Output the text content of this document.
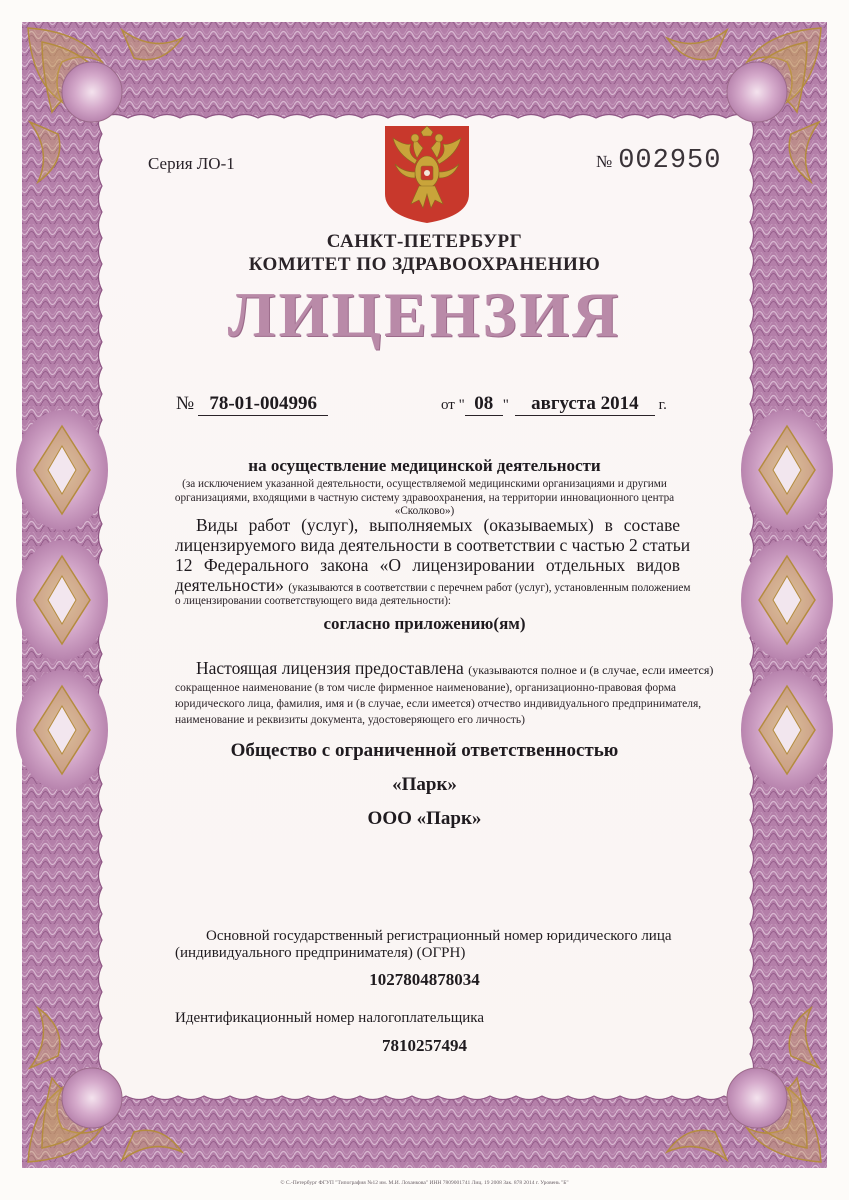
Серия ЛО-1	№ 002950
САНКТ-ПЕТЕРБУРГ
КОМИТЕТ ПО ЗДРАВООХРАНЕНИЮ
ЛИЦЕНЗИЯ
№ 78-01-004996	от " 08 " августа 2014 г.
на осуществление медицинской деятельности
(за исключением указанной деятельности, осуществляемой медицинскими организациями и другими
организациями, входящими в частную систему здравоохранения, на территории инновационного центра
«Сколково»)
Виды работ (услуг), выполняемых (оказываемых) в составе
лицензируемого вида деятельности в соответствии с частью 2 статьи
12 Федерального закона «О лицензировании отдельных видов
деятельности» (указываются в соответствии с перечнем работ (услуг), установленным положением
о лицензировании соответствующего вида деятельности):
согласно приложению(ям)
Настоящая лицензия предоставлена (указываются полное и (в случае, если имеется)
сокращенное наименование (в том числе фирменное наименование), организационно-правовая форма
юридического лица, фамилия, имя и (в случае, если имеется) отчество индивидуального предпринимателя,
наименование и реквизиты документа, удостоверяющего его личность)
Общество с ограниченной ответственностью
«Парк»
ООО «Парк»
Основной государственный регистрационный номер юридического лица
(индивидуального предпринимателя) (ОГРН)
1027804878034
Идентификационный номер налогоплательщика
7810257494
© С.-Петербург ФГУП "Типография №12 им. М.И. Лоханкова" ИНН 7809001741 Лиц. 19 2008 Зак. 878 2014 г. Уровень "Б"
